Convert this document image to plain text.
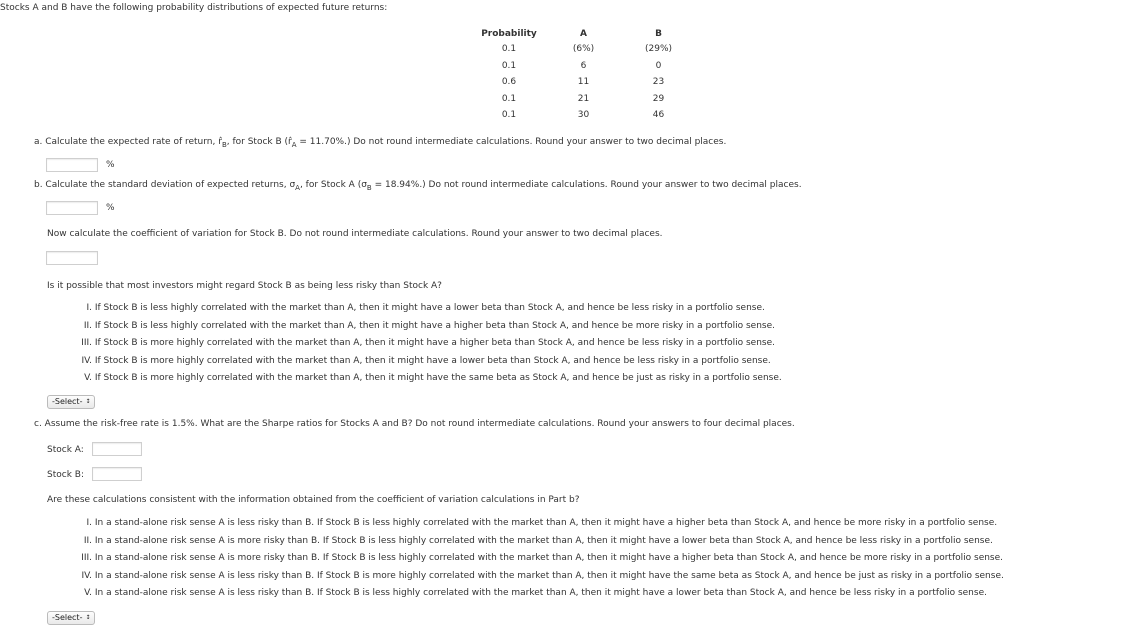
Stocks A and B have the following probability distributions of expected future returns:
Probability	A	B
0.1	(6%)	(29%)
0.1	6	0
0.6	11	23
0.1	21	29
0.1	30	46
a. Calculate the expected rate of return, $r̂_B$, for Stock B $(r̂_A = 11.70\%.)$ Do not round intermediate calculations. Round your answer to two decimal places.
%
b. Calculate the standard deviation of expected returns, $\sigma_A$, for Stock A $(\sigma_B = 18.94\%.)$ Do not round intermediate calculations. Round your answer to two decimal places.
%
Now calculate the coefficient of variation for Stock B. Do not round intermediate calculations. Round your answer to two decimal places.
Is it possible that most investors might regard Stock B as being less risky than Stock A?
I. If Stock B is less highly correlated with the market than A, then it might have a lower beta than Stock A, and hence be less risky in a portfolio sense.
II. If Stock B is less highly correlated with the market than A, then it might have a higher beta than Stock A, and hence be more risky in a portfolio sense.
III. If Stock B is more highly correlated with the market than A, then it might have a higher beta than Stock A, and hence be less risky in a portfolio sense.
IV. If Stock B is more highly correlated with the market than A, then it might have a lower beta than Stock A, and hence be less risky in a portfolio sense.
V. If Stock B is more highly correlated with the market than A, then it might have the same beta as Stock A, and hence be just as risky in a portfolio sense.
-Select- ↕
c. Assume the risk-free rate is 1.5%. What are the Sharpe ratios for Stocks A and B? Do not round intermediate calculations. Round your answers to four decimal places.
Stock A:
Stock B:
Are these calculations consistent with the information obtained from the coefficient of variation calculations in Part b?
I. In a stand-alone risk sense A is less risky than B. If Stock B is less highly correlated with the market than A, then it might have a higher beta than Stock A, and hence be more risky in a portfolio sense.
II. In a stand-alone risk sense A is more risky than B. If Stock B is less highly correlated with the market than A, then it might have a lower beta than Stock A, and hence be less risky in a portfolio sense.
III. In a stand-alone risk sense A is more risky than B. If Stock B is less highly correlated with the market than A, then it might have a higher beta than Stock A, and hence be more risky in a portfolio sense.
IV. In a stand-alone risk sense A is less risky than B. If Stock B is more highly correlated with the market than A, then it might have the same beta as Stock A, and hence be just as risky in a portfolio sense.
V. In a stand-alone risk sense A is less risky than B. If Stock B is less highly correlated with the market than A, then it might have a lower beta than Stock A, and hence be less risky in a portfolio sense.
-Select- ↕
